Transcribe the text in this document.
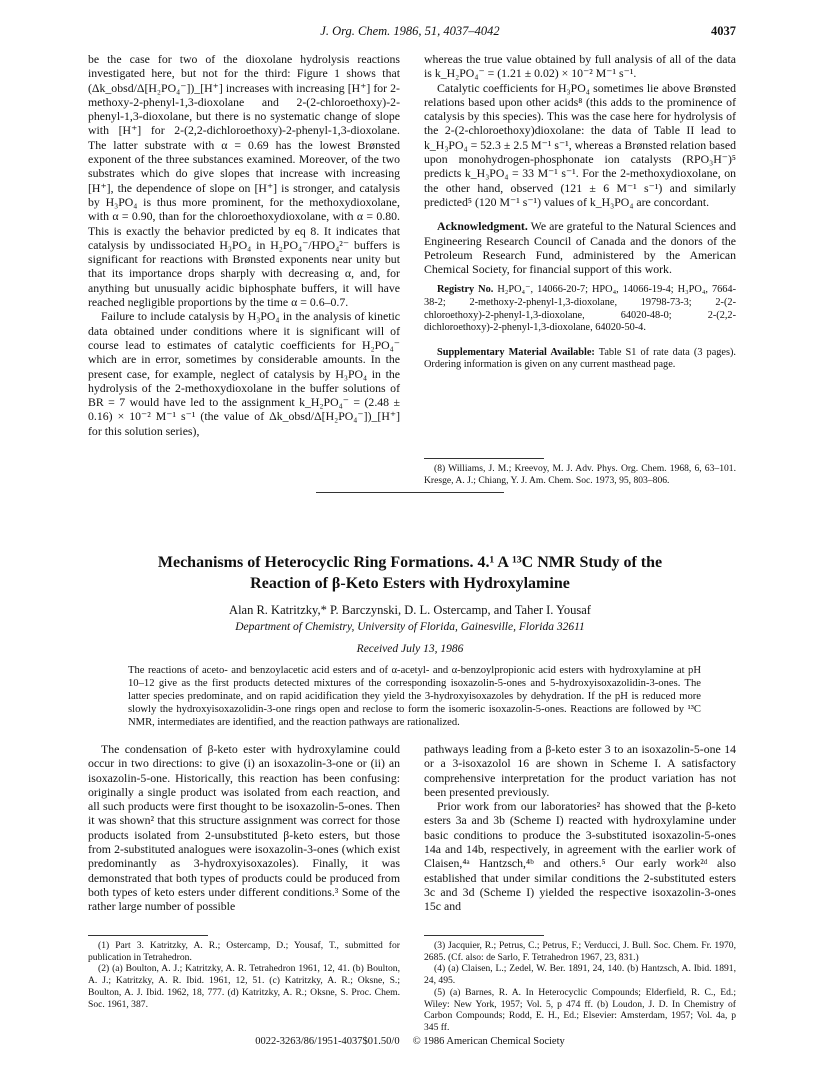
J. Org. Chem. 1986, 51, 4037–4042	4037

be the case for two of the dioxolane hydrolysis reactions investigated here, but not for the third: Figure 1 shows that (Δk_obsd/Δ[H₂PO₄⁻])_[H⁺] increases with increasing [H⁺] for 2-methoxy-2-phenyl-1,3-dioxolane and 2-(2-chloroethoxy)-2-phenyl-1,3-dioxolane, but there is no systematic change of slope with [H⁺] for 2-(2,2-dichloroethoxy)-2-phenyl-1,3-dioxolane. The latter substrate with α = 0.69 has the lowest Brønsted exponent of the three substances examined. Moreover, of the two substrates which do give slopes that increase with increasing [H⁺], the dependence of slope on [H⁺] is stronger, and catalysis by H₃PO₄ is thus more prominent, for the methoxydioxolane, with α = 0.90, than for the chloroethoxydioxolane, with α = 0.80. This is exactly the behavior predicted by eq 8. It indicates that catalysis by undissociated H₃PO₄ in H₂PO₄⁻/HPO₄²⁻ buffers is significant for reactions with Brønsted exponents near unity but that its importance drops sharply with decreasing α, and, for anything but unusually acidic biphosphate buffers, it will have reached negligible proportions by the time α = 0.6–0.7.

Failure to include catalysis by H₃PO₄ in the analysis of kinetic data obtained under conditions where it is significant will of course lead to estimates of catalytic coefficients for H₂PO₄⁻ which are in error, sometimes by considerable amounts. In the present case, for example, neglect of catalysis by H₃PO₄ in the hydrolysis of the 2-methoxydioxolane in the buffer solutions of BR = 7 would have led to the assignment k_H₂PO₄⁻ = (2.48 ± 0.16) × 10⁻² M⁻¹ s⁻¹ (the value of Δk_obsd/Δ[H₂PO₄⁻])_[H⁺] for this solution series),

whereas the true value obtained by full analysis of all of the data is k_H₂PO₄⁻ = (1.21 ± 0.02) × 10⁻² M⁻¹ s⁻¹.

Catalytic coefficients for H₃PO₄ sometimes lie above Brønsted relations based upon other acids⁸ (this adds to the prominence of catalysis by this species). This was the case here for hydrolysis of the 2-(2-chloroethoxy)dioxolane: the data of Table II lead to k_H₃PO₄ = 52.3 ± 2.5 M⁻¹ s⁻¹, whereas a Brønsted relation based upon monohydrogen-phosphonate ion catalysts (RPO₃H⁻)⁵ predicts k_H₃PO₄ = 33 M⁻¹ s⁻¹. For the 2-methoxydioxolane, on the other hand, observed (121 ± 6 M⁻¹ s⁻¹) and similarly predicted⁵ (120 M⁻¹ s⁻¹) values of k_H₃PO₄ are concordant.

Acknowledgment. We are grateful to the Natural Sciences and Engineering Research Council of Canada and the donors of the Petroleum Research Fund, administered by the American Chemical Society, for financial support of this work.

Registry No. H₂PO₄⁻, 14066-20-7; HPO₄, 14066-19-4; H₃PO₄, 7664-38-2; 2-methoxy-2-phenyl-1,3-dioxolane, 19798-73-3; 2-(2-chloroethoxy)-2-phenyl-1,3-dioxolane, 64020-48-0; 2-(2,2-dichloroethoxy)-2-phenyl-1,3-dioxolane, 64020-50-4.

Supplementary Material Available: Table S1 of rate data (3 pages). Ordering information is given on any current masthead page.

(8) Williams, J. M.; Kreevoy, M. J. Adv. Phys. Org. Chem. 1968, 6, 63–101. Kresge, A. J.; Chiang, Y. J. Am. Chem. Soc. 1973, 95, 803–806.

Mechanisms of Heterocyclic Ring Formations. 4.¹ A ¹³C NMR Study of the
Reaction of β-Keto Esters with Hydroxylamine
Alan R. Katritzky,* P. Barczynski, D. L. Ostercamp, and Taher I. Yousaf
Department of Chemistry, University of Florida, Gainesville, Florida 32611
Received July 13, 1986
The reactions of aceto- and benzoylacetic acid esters and of α-acetyl- and α-benzoylpropionic acid esters with hydroxylamine at pH 10–12 give as the first products detected mixtures of the corresponding isoxazolin-5-ones and 5-hydroxyisoxazolidin-3-ones. The latter species predominate, and on rapid acidification they yield the 3-hydroxyisoxazoles by dehydration. If the pH is reduced more slowly the hydroxyisoxazolidin-3-one rings open and reclose to form the isomeric isoxazolin-5-ones. Reactions are followed by ¹³C NMR, intermediates are identified, and the reaction pathways are rationalized.

The condensation of β-keto ester with hydroxylamine could occur in two directions: to give (i) an isoxazolin-3-one or (ii) an isoxazolin-5-one. Historically, this reaction has been confusing: originally a single product was isolated from each reaction, and all such products were first thought to be isoxazolin-5-ones. Then it was shown² that this structure assignment was correct for those products isolated from 2-unsubstituted β-keto esters, but those from 2-substituted analogues were isoxazolin-3-ones (which exist predominantly as 3-hydroxyisoxazoles). Finally, it was demonstrated that both types of products could be produced from both types of keto esters under different conditions.³ Some of the rather large number of possible

(1) Part 3. Katritzky, A. R.; Ostercamp, D.; Yousaf, T., submitted for publication in Tetrahedron.

(2) (a) Boulton, A. J.; Katritzky, A. R. Tetrahedron 1961, 12, 41. (b) Boulton, A. J.; Katritzky, A. R. Ibid. 1961, 12, 51. (c) Katritzky, A. R.; Oksne, S.; Boulton, A. J. Ibid. 1962, 18, 777. (d) Katritzky, A. R.; Oksne, S. Proc. Chem. Soc. 1961, 387.

pathways leading from a β-keto ester 3 to an isoxazolin-5-one 14 or a 3-isoxazolol 16 are shown in Scheme I. A satisfactory comprehensive interpretation for the product variation has not been presented previously.

Prior work from our laboratories² has showed that the β-keto esters 3a and 3b (Scheme I) reacted with hydroxylamine under basic conditions to produce the 3-substituted isoxazolin-5-ones 14a and 14b, respectively, in agreement with the earlier work of Claisen,⁴ᵃ Hantzsch,⁴ᵇ and others.⁵ Our early work²ᵈ also established that under similar conditions the 2-substituted esters 3c and 3d (Scheme I) yielded the respective isoxazolin-3-ones 15c and

(3) Jacquier, R.; Petrus, C.; Petrus, F.; Verducci, J. Bull. Soc. Chem. Fr. 1970, 2685. (Cf. also: de Sarlo, F. Tetrahedron 1967, 23, 831.)

(4) (a) Claisen, L.; Zedel, W. Ber. 1891, 24, 140. (b) Hantzsch, A. Ibid. 1891, 24, 495.

(5) (a) Barnes, R. A. In Heterocyclic Compounds; Elderfield, R. C., Ed.; Wiley: New York, 1957; Vol. 5, p 474 ff. (b) Loudon, J. D. In Chemistry of Carbon Compounds; Rodd, E. H., Ed.; Elsevier: Amsterdam, 1957; Vol. 4a, p 345 ff.

0022-3263/86/1951-4037$01.50/0 © 1986 American Chemical Society
